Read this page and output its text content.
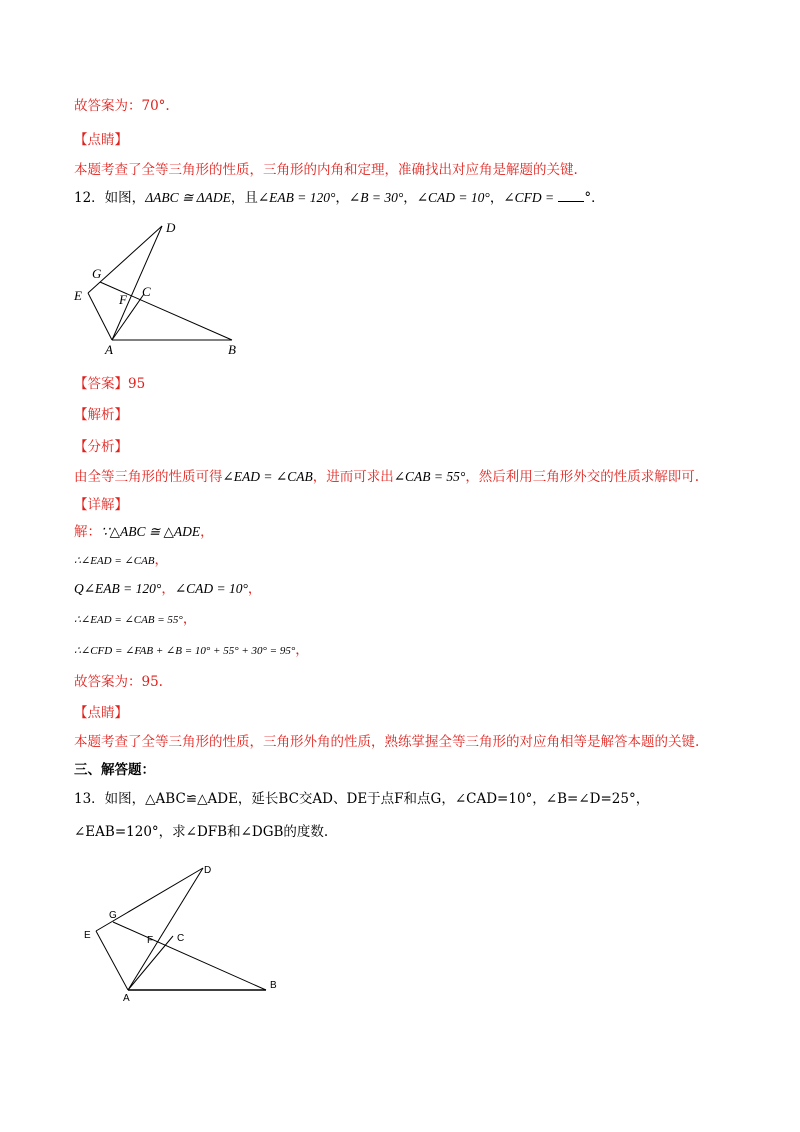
故答案为：70°.
【点睛】
本题考查了全等三角形的性质，三角形的内角和定理，准确找出对应角是解题的关键.
12．如图，ΔABC ≅ ΔADE，且∠EAB = 120°，∠B = 30°，∠CAD = 10°，∠CFD = °．
D
G
E	F
C
A	B
【答案】95
【解析】
【分析】
由全等三角形的性质可得∠EAD = ∠CAB，进而可求出∠CAB = 55°，然后利用三角形外交的性质求解即可.
【详解】
解：∵△ABC ≅ △ADE，
∴∠EAD = ∠CAB，
Q∠EAB = 120°，∠CAD = 10°，
∴∠EAD = ∠CAB = 55°，
∴∠CFD = ∠FAB + ∠B = 10° + 55° + 30° = 95°，
故答案为：95.
【点睛】
本题考查了全等三角形的性质，三角形外角的性质，熟练掌握全等三角形的对应角相等是解答本题的关键.
三、解答题：
13．如图，△ABC≌△ADE，延长BC交AD、DE于点F和点G，∠CAD=10°，∠B=∠D=25°，
∠EAB=120°，求∠DFB和∠DGB的度数.
D
G
E	F C
A
B
